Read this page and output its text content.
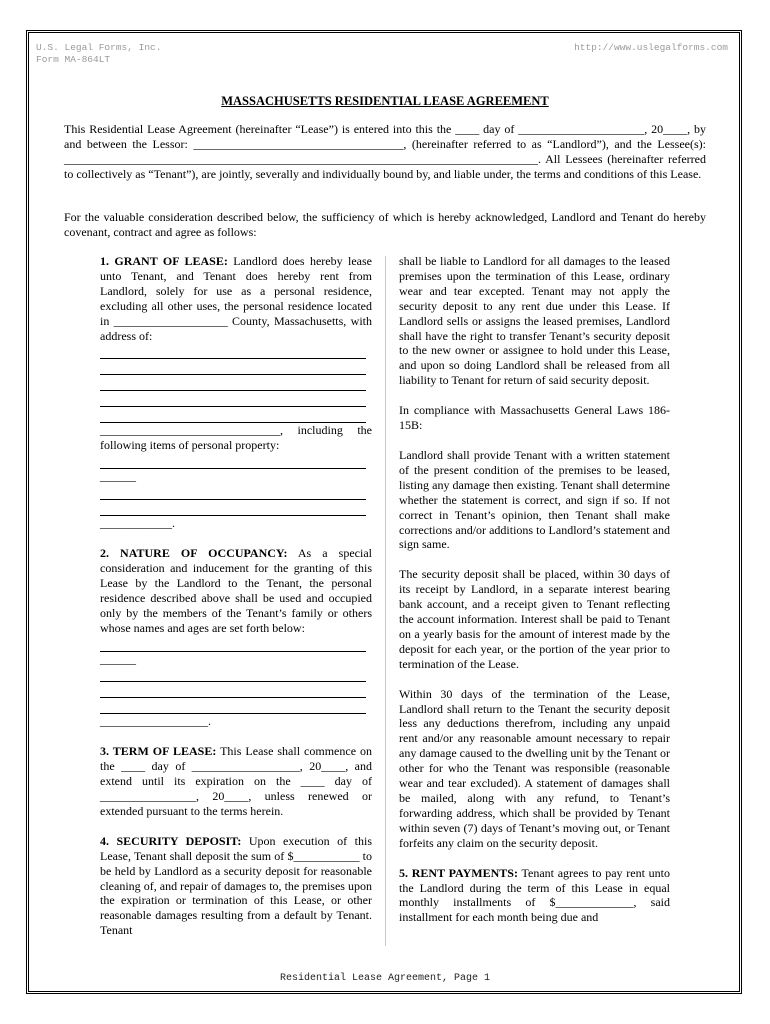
U.S. Legal Forms, Inc.
Form MA-864LT
http://www.uslegalforms.com
MASSACHUSETTS RESIDENTIAL LEASE AGREEMENT

This Residential Lease Agreement (hereinafter “Lease”) is entered into this the ____ day of _____________________, 20____, by and between the Lessor: ___________________________________, (hereinafter referred to as “Landlord”), and the Lessee(s): _______________________________________________________________________________. All Lessees (hereinafter referred to collectively as “Tenant”), are jointly, severally and individually bound by, and liable under, the terms and conditions of this Lease.

For the valuable consideration described below, the sufficiency of which is hereby acknowledged, Landlord and Tenant do hereby covenant, contract and agree as follows:

1. GRANT OF LEASE: Landlord does hereby lease unto Tenant, and Tenant does hereby rent from Landlord, solely for use as a personal residence, excluding all other uses, the personal residence located in ___________________ County, Massachusetts, with address of:

______________________________, including the following items of personal property:

______

____________.

2. NATURE OF OCCUPANCY: As a special consideration and inducement for the granting of this Lease by the Landlord to the Tenant, the personal residence described above shall be used and occupied only by the members of the Tenant’s family or others whose names and ages are set forth below:

______

__________________.

3. TERM OF LEASE: This Lease shall commence on the ____ day of __________________, 20____, and extend until its expiration on the ____ day of ________________, 20____, unless renewed or extended pursuant to the terms herein.

4. SECURITY DEPOSIT: Upon execution of this Lease, Tenant shall deposit the sum of $___________ to be held by Landlord as a security deposit for reasonable cleaning of, and repair of damages to, the premises upon the expiration or termination of this Lease, or other reasonable damages resulting from a default by Tenant. Tenant

shall be liable to Landlord for all damages to the leased premises upon the termination of this Lease, ordinary wear and tear excepted. Tenant may not apply the security deposit to any rent due under this Lease. If Landlord sells or assigns the leased premises, Landlord shall have the right to transfer Tenant’s security deposit to the new owner or assignee to hold under this Lease, and upon so doing Landlord shall be released from all liability to Tenant for return of said security deposit.

In compliance with Massachusetts General Laws 186-15B:

Landlord shall provide Tenant with a written statement of the present condition of the premises to be leased, listing any damage then existing. Tenant shall determine whether the statement is correct, and sign if so. If not correct in Tenant’s opinion, then Tenant shall make corrections and/or additions to Landlord’s statement and sign same.

The security deposit shall be placed, within 30 days of its receipt by Landlord, in a separate interest bearing bank account, and a receipt given to Tenant reflecting the account information. Interest shall be paid to Tenant on a yearly basis for the amount of interest made by the deposit for each year, or the portion of the year prior to termination of the Lease.

Within 30 days of the termination of the Lease, Landlord shall return to the Tenant the security deposit less any deductions therefrom, including any unpaid rent and/or any reasonable amount necessary to repair any damage caused to the dwelling unit by the Tenant or other for who the Tenant was responsible (reasonable wear and tear excluded). A statement of damages shall be mailed, along with any refund, to Tenant’s forwarding address, which shall be provided by Tenant within seven (7) days of Tenant’s moving out, or Tenant forfeits any claim on the security deposit.

5. RENT PAYMENTS: Tenant agrees to pay rent unto the Landlord during the term of this Lease in equal monthly installments of $_____________, said installment for each month being due and

Residential Lease Agreement, Page 1
